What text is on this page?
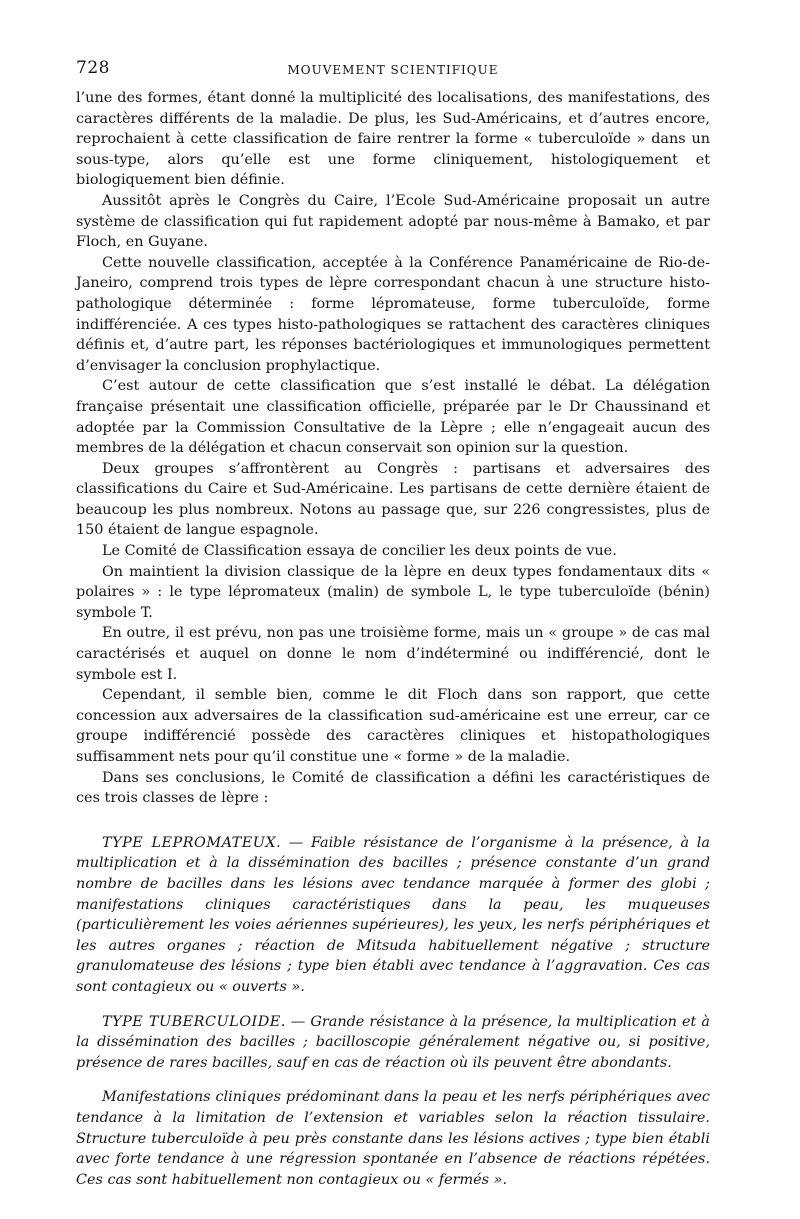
728	MOUVEMENT SCIENTIFIQUE

l’une des formes, étant donné la multiplicité des localisations, des manifestations, des caractères différents de la maladie. De plus, les Sud-Américains, et d’autres encore, reprochaient à cette classification de faire rentrer la forme « tuberculoïde » dans un sous-type, alors qu’elle est une forme cliniquement, histologiquement et biologiquement bien définie.

Aussitôt après le Congrès du Caire, l’Ecole Sud-Américaine proposait un autre système de classification qui fut rapidement adopté par nous-même à Bamako, et par Floch, en Guyane.

Cette nouvelle classification, acceptée à la Conférence Panaméricaine de Rio-de-Janeiro, comprend trois types de lèpre correspondant chacun à une structure histo-pathologique déterminée : forme lépromateuse, forme tuberculoïde, forme indifférenciée. A ces types histo-pathologiques se rattachent des caractères cliniques définis et, d’autre part, les réponses bactériologiques et immunologiques permettent d’envisager la conclusion prophylactique.

C’est autour de cette classification que s’est installé le débat. La délégation française présentait une classification officielle, préparée par le Dr Chaussinand et adoptée par la Commission Consultative de la Lèpre ; elle n’engageait aucun des membres de la délégation et chacun conservait son opinion sur la question.

Deux groupes s’affrontèrent au Congrès : partisans et adversaires des classifications du Caire et Sud-Américaine. Les partisans de cette dernière étaient de beaucoup les plus nombreux. Notons au passage que, sur 226 congressistes, plus de 150 étaient de langue espagnole.

Le Comité de Classification essaya de concilier les deux points de vue.

On maintient la division classique de la lèpre en deux types fondamentaux dits « polaires » : le type lépromateux (malin) de symbole L, le type tuberculoïde (bénin) symbole T.

En outre, il est prévu, non pas une troisième forme, mais un « groupe » de cas mal caractérisés et auquel on donne le nom d’indéterminé ou indifférencié, dont le symbole est I.

Cependant, il semble bien, comme le dit Floch dans son rapport, que cette concession aux adversaires de la classification sud-américaine est une erreur, car ce groupe indifférencié possède des caractères cliniques et histopathologiques suffisamment nets pour qu’il constitue une « forme » de la maladie.

Dans ses conclusions, le Comité de classification a défini les caractéristiques de ces trois classes de lèpre :

TYPE LEPROMATEUX. — Faible résistance de l’organisme à la présence, à la multiplication et à la dissémination des bacilles ; présence constante d’un grand nombre de bacilles dans les lésions avec tendance marquée à former des globi ; manifestations cliniques caractéristiques dans la peau, les muqueuses (particulièrement les voies aériennes supérieures), les yeux, les nerfs périphériques et les autres organes ; réaction de Mitsuda habituellement négative ; structure granulomateuse des lésions ; type bien établi avec tendance à l’aggravation. Ces cas sont contagieux ou « ouverts ».

TYPE TUBERCULOIDE. — Grande résistance à la présence, la multiplication et à la dissémination des bacilles ; bacilloscopie généralement négative ou, si positive, présence de rares bacilles, sauf en cas de réaction où ils peuvent être abondants.

Manifestations cliniques prédominant dans la peau et les nerfs périphériques avec tendance à la limitation de l’extension et variables selon la réaction tissulaire. Structure tuberculoïde à peu près constante dans les lésions actives ; type bien établi avec forte tendance à une régression spontanée en l’absence de réactions répétées. Ces cas sont habituellement non contagieux ou « fermés ».
